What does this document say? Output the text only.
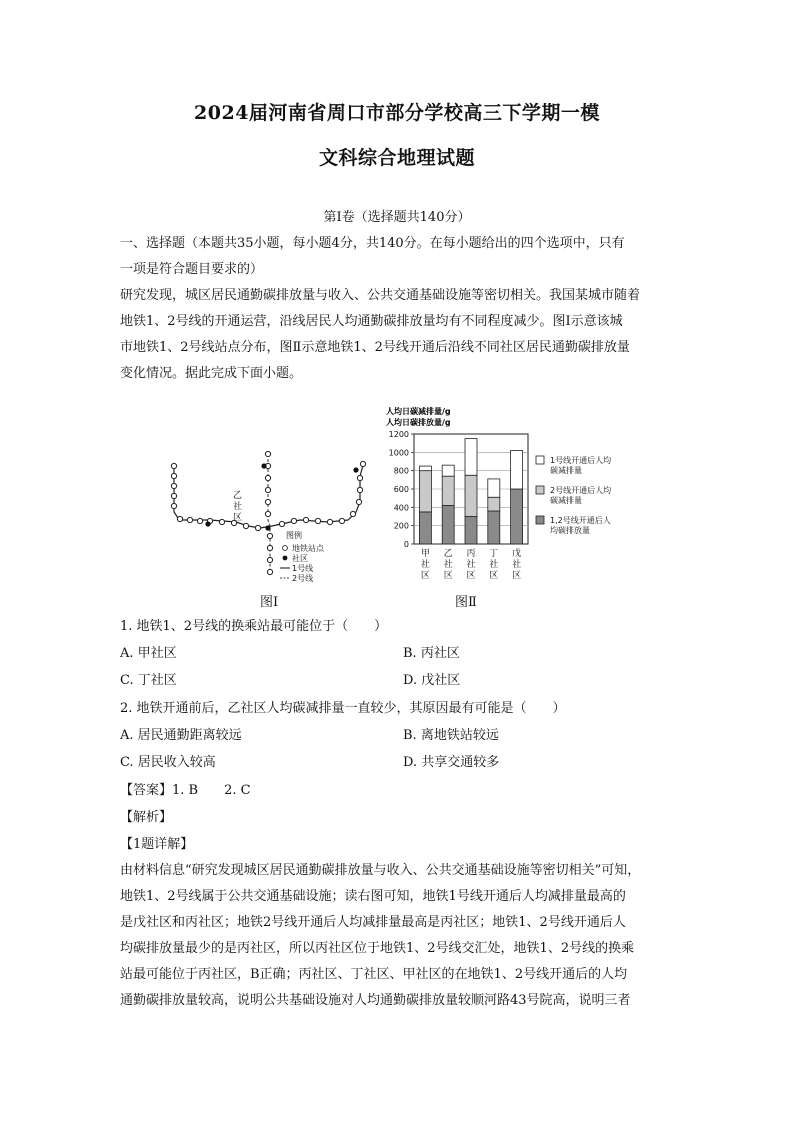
2024届河南省周口市部分学校高三下学期一模
文科综合地理试题
第Ⅰ卷（选择题共140分）
一、选择题（本题共35小题，每小题4分，共140分。在每小题给出的四个选项中，只有
一项是符合题目要求的）
研究发现，城区居民通勤碳排放量与收入、公共交通基础设施等密切相关。我国某城市随着
地铁1、2号线的开通运营，沿线居民人均通勤碳排放量均有不同程度减少。图Ⅰ示意该城
市地铁1、2号线站点分布，图Ⅱ示意地铁1、2号线开通后沿线不同社区居民通勤碳排放量
变化情况。据此完成下面小题。
乙
社
区
图例
地铁站点
社区
1号线
2号线
图Ⅰ
人均日碳减排量/g
人均日碳排放量/g
0
200
400
600
800
1000
1200
甲
社
区
乙
社
区
丙
社
区
丁
社
区
戊
社
区
1号线开通后人均
碳减排量
2号线开通后人均
碳减排量
1,2号线开通后人
均碳排放量
图Ⅱ
1. 地铁1、2号线的换乘站最可能位于（　　）
A. 甲社区	B. 丙社区
C. 丁社区	D. 戊社区
2. 地铁开通前后，乙社区人均碳减排量一直较少，其原因最有可能是（　　）
A. 居民通勤距离较远	B. 离地铁站较远
C. 居民收入较高	D. 共享交通较多
【答案】1. B　　2. C
【解析】
【1题详解】
由材料信息“研究发现城区居民通勤碳排放量与收入、公共交通基础设施等密切相关”可知，
地铁1、2号线属于公共交通基础设施；读右图可知，地铁1号线开通后人均减排量最高的
是戊社区和丙社区；地铁2号线开通后人均减排量最高是丙社区；地铁1、2号线开通后人
均碳排放量最少的是丙社区，所以丙社区位于地铁1、2号线交汇处，地铁1、2号线的换乘
站最可能位于丙社区，B正确；丙社区、丁社区、甲社区的在地铁1、2号线开通后的人均
通勤碳排放量较高，说明公共基础设施对人均通勤碳排放量较顺河路43号院高，说明三者
